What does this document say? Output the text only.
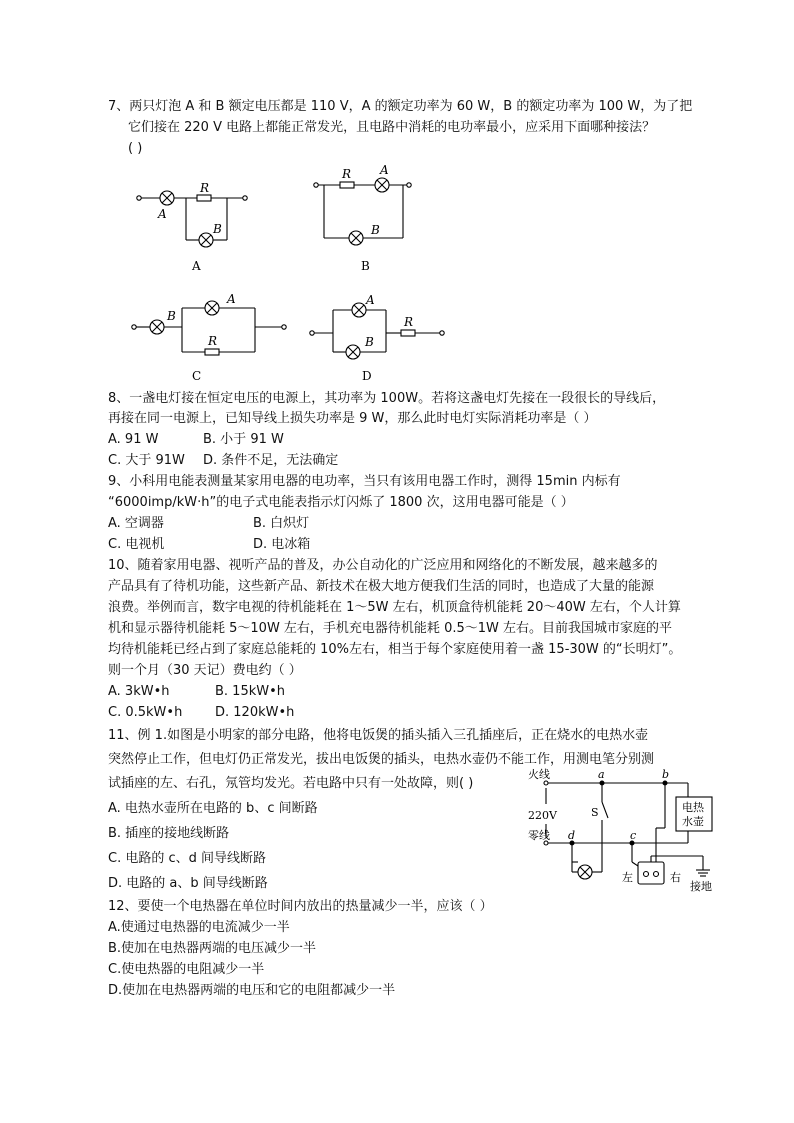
7、两只灯泡 A 和 B 额定电压都是 110 V，A 的额定功率为 60 W，B 的额定功率为 100 W，为了把
它们接在 220 V 电路上都能正常发光，且电路中消耗的电功率最小，应采用下面哪种接法？
( )
A
R
B
A
R A
B
B
B
A
R
C
A
B
R
D
8、一盏电灯接在恒定电压的电源上，其功率为 100W。若将这盏电灯先接在一段很长的导线后，
再接在同一电源上，已知导线上损失功率是 9 W，那么此时电灯实际消耗功率是（ ）
A. 91 W	B. 小于 91 W
C. 大于 91W D. 条件不足，无法确定
9、小科用电能表测量某家用电器的电功率，当只有该用电器工作时，测得 15min 内标有
“6000imp/kW·h”的电子式电能表指示灯闪烁了 1800 次，这用电器可能是（ ）
A. 空调器	B. 白炽灯
C. 电视机	D. 电冰箱
10、随着家用电器、视听产品的普及，办公自动化的广泛应用和网络化的不断发展，越来越多的
产品具有了待机功能，这些新产品、新技术在极大地方便我们生活的同时，也造成了大量的能源
浪费。举例而言，数字电视的待机能耗在 1～5W 左右，机顶盒待机能耗 20～40W 左右，个人计算
机和显示器待机能耗 5～10W 左右，手机充电器待机能耗 0.5～1W 左右。目前我国城市家庭的平
均待机能耗已经占到了家庭总能耗的 10%左右，相当于每个家庭使用着一盏 15-30W 的“长明灯”。
则一个月（30 天记）费电约（ ）
A. 3kW•h	B. 15kW•h
C. 0.5kW•h	D. 120kW•h
11、例 1.如图是小明家的部分电路，他将电饭煲的插头插入三孔插座后，正在烧水的电热水壶
突然停止工作，但电灯仍正常发光，拔出电饭煲的插头，电热水壶仍不能工作，用测电笔分别测
试插座的左、右孔，氖管均发光。若电路中只有一处故障，则( )
A. 电热水壶所在电路的 b、c 间断路
B. 插座的接地线断路
C. 电路的 c、d 间导线断路
D. 电路的 a、b 间导线断路
火线
220V
零线
a	b
c
d
S	电热
水壶
左	右
接地
12、要使一个电热器在单位时间内放出的热量减少一半，应该（ ）
A.使通过电热器的电流减少一半
B.使加在电热器两端的电压减少一半
C.使电热器的电阻减少一半
D.使加在电热器两端的电压和它的电阻都减少一半
